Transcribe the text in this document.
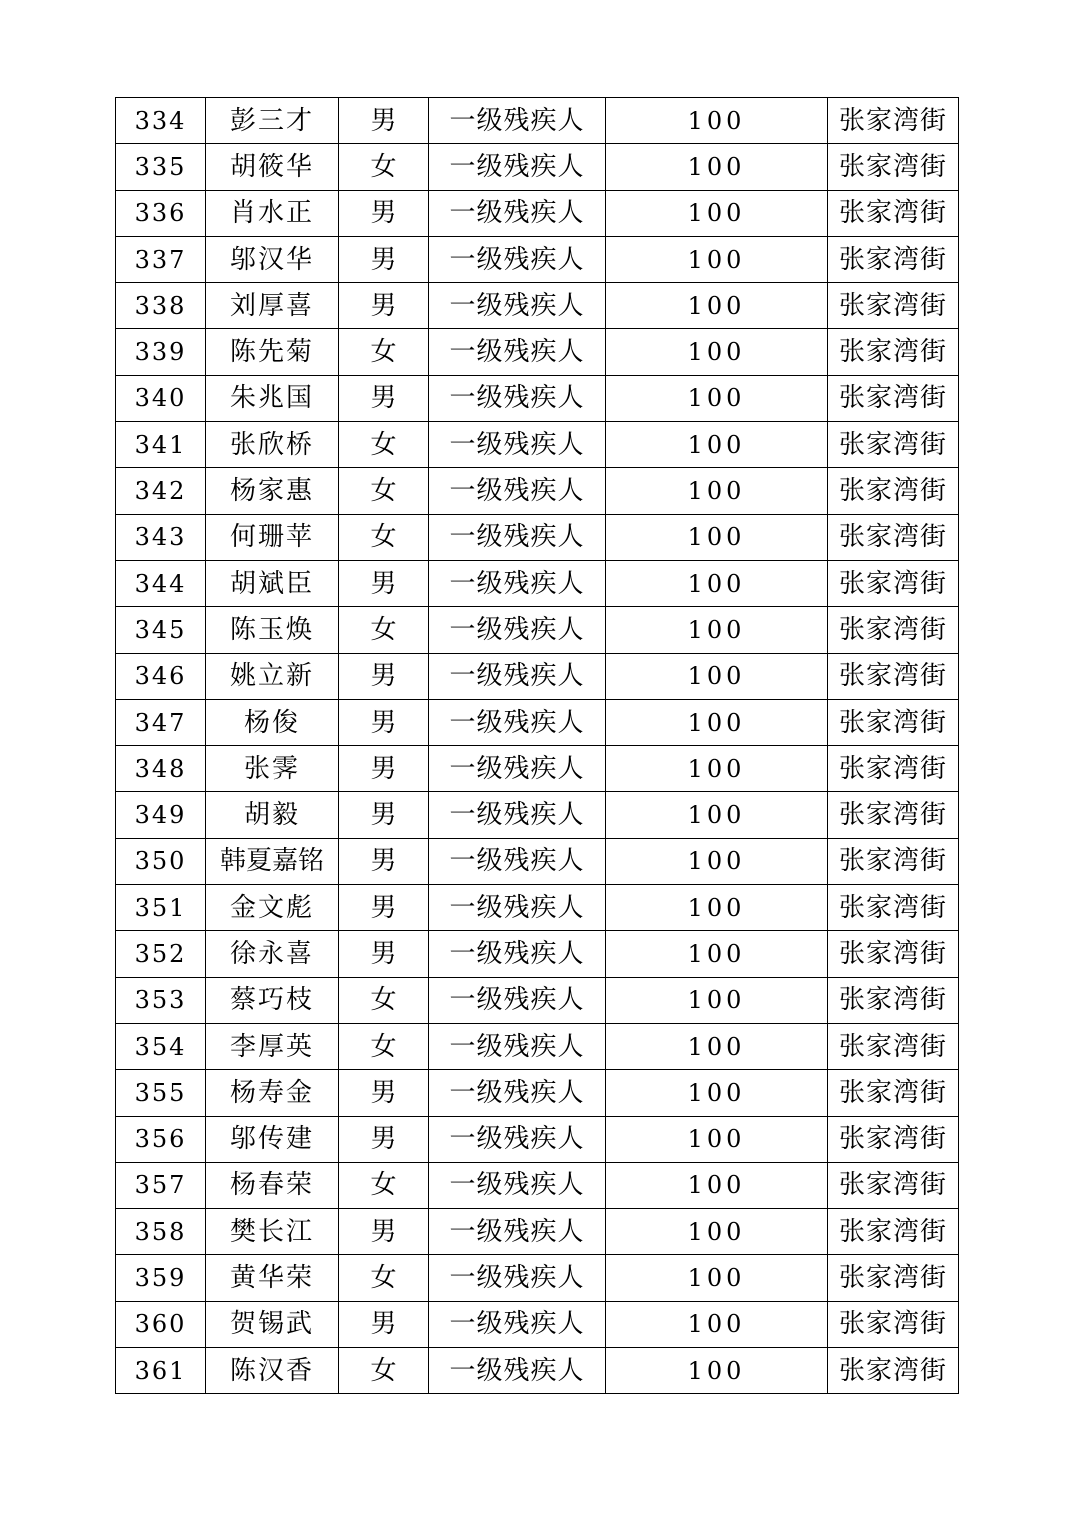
334	彭三才	男	一级残疾人	100	张家湾街
335	胡筱华	女	一级残疾人	100	张家湾街
336	肖水正	男	一级残疾人	100	张家湾街
337	邬汉华	男	一级残疾人	100	张家湾街
338	刘厚喜	男	一级残疾人	100	张家湾街
339	陈先菊	女	一级残疾人	100	张家湾街
340	朱兆国	男	一级残疾人	100	张家湾街
341	张欣桥	女	一级残疾人	100	张家湾街
342	杨家惠	女	一级残疾人	100	张家湾街
343	何珊苹	女	一级残疾人	100	张家湾街
344	胡斌臣	男	一级残疾人	100	张家湾街
345	陈玉焕	女	一级残疾人	100	张家湾街
346	姚立新	男	一级残疾人	100	张家湾街
347	杨俊	男	一级残疾人	100	张家湾街
348	张霁	男	一级残疾人	100	张家湾街
349	胡毅	男	一级残疾人	100	张家湾街
350	韩夏嘉铭	男	一级残疾人	100	张家湾街
351	金文彪	男	一级残疾人	100	张家湾街
352	徐永喜	男	一级残疾人	100	张家湾街
353	蔡巧枝	女	一级残疾人	100	张家湾街
354	李厚英	女	一级残疾人	100	张家湾街
355	杨寿金	男	一级残疾人	100	张家湾街
356	邬传建	男	一级残疾人	100	张家湾街
357	杨春荣	女	一级残疾人	100	张家湾街
358	樊长江	男	一级残疾人	100	张家湾街
359	黄华荣	女	一级残疾人	100	张家湾街
360	贺锡武	男	一级残疾人	100	张家湾街
361	陈汉香	女	一级残疾人	100	张家湾街
